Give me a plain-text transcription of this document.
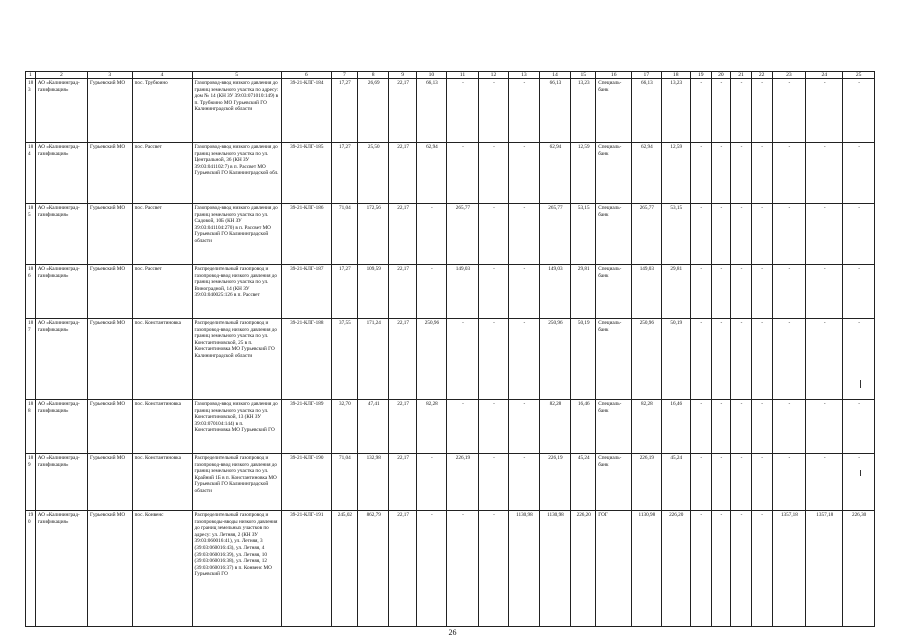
1	2	3	4	5	6	7	8	9	10	11	12	13	14	15	16	17	18	19	20	21	22	23	24	25
183	АО «Калининград-газификация»	Гурьевский МО	пос. Трубюино	Газопровод-ввод низкого давления до границ земельного участка по адресу: дом № 14 (КН ЗУ 39:03:071010:149) в п. Трубюино МО Гурьевский ГО Калининградской области	39-21-КЛГ-184	17,27	26,69	22,17	66,13	-	-	-	66,13	13,23	Специаль-банк	66,13	13,23	-	-	-	-	-	-	-
184	АО «Калининград-газификация»	Гурьевский МО	пос. Рассвет	Газопровод-ввод низкого давления до границ земельного участка по ул. Центральной, 36 (КН ЗУ 39:03:041102:7) в п. Рассвет МО Гурьевский ГО Калининградской обл.	39-21-КЛГ-185	17,27	25,50	22,17	62,94	-	-	-	62,94	12,59	Специаль-банк	62,94	12,59	-	-	-	-	-	-	-
185	АО «Калининград-газификация»	Гурьевский МО	пос. Рассвет	Газопровод-ввод низкого давления до границ земельного участка по ул. Садовой, 10Б (КН ЗУ 39:03:041104:270) в п. Рассвет МО Гурьевский ГО Калининградской области	39-21-КЛГ-186	71,04	172,56	22,17	-	265,77	-	-	265,77	53,15	Специаль-банк	265,77	53,15	-	-	-	-	-	-	-
186	АО «Калининград-газификация»	Гурьевский МО	пос. Рассвет	Распределительный газопровод и газопровод-ввод низкого давления до границ земельного участка по ул. Виноградной, 14 (КН ЗУ 39:03:040025:126 в п. Рассвет	39-21-КЛГ-187	17,27	109,59	22,17	-	149,03	-	-	149,03	29,81	Специаль-банк	149,03	29,81	-	-	-	-	-	-	-
187	АО «Калининград-газификация»	Гурьевский МО	пос. Константиновка	Распределительный газопровод и газопровод-ввод низкого давления до границ земельного участка по ул. Константиновской, 25 в п. Константиновка МО Гурьевский ГО Калининградской области	39-21-КЛГ-188	37,55	171,24	22,17	250,96	-	-	-	250,96	50,19	Специаль-банк	250,96	50,19	-	-	-	-	-	-	-
188	АО «Калининград-газификация»	Гурьевский МО	пос. Константиновка	Газопровод-ввод низкого давления до границ земельного участка по ул. Константиновской, 13 (КН ЗУ 39:03:070104:144) в п. Константиновка МО Гурьевский ГО	39-21-КЛГ-189	32,70	47,41	22,17	82,28	-	-	-	82,28	16,46	Специаль-банк	82,28	16,46	-	-	-	-	-	-	-
189	АО «Калининград-газификация»	Гурьевский МО	пос. Константиновка	Распределительный газопровод и газопровод-ввод низкого давления до границ земельного участка по ул. Крайний 1Б в п. Константиновка МО Гурьевский ГО Калининградской области	39-21-КЛГ-190	71,04	132,98	22,17	-	226,19	-	-	226,19	45,24	Специаль-банк	226,19	45,24	-	-	-	-	-	-	-
190	АО «Калининград-газификация»	Гурьевский МО	пос. Конвенс	Распределительный газопровод и газопроводы-вводы низкого давления до границ земельных участков по адресу: ул. Летняя, 2 (КН ЗУ 39:03:060016:41), ул. Летняя, 3 (39:03:060016:43), ул. Летняя, 4 (39:03:060016:39), ул. Летняя, 10 (39:03:060016:38), ул. Летняя, 12 (39:03:060016:37) в п. Конвенс МО Гурьевский ГО	39-21-КЛГ-191	245,02	862,79	22,17	-	-	-	1130,98	1130,98	226,20	ГОГ	1130,98	226,20	-	-	-	-	1357,18	1357,18	226,30
26
